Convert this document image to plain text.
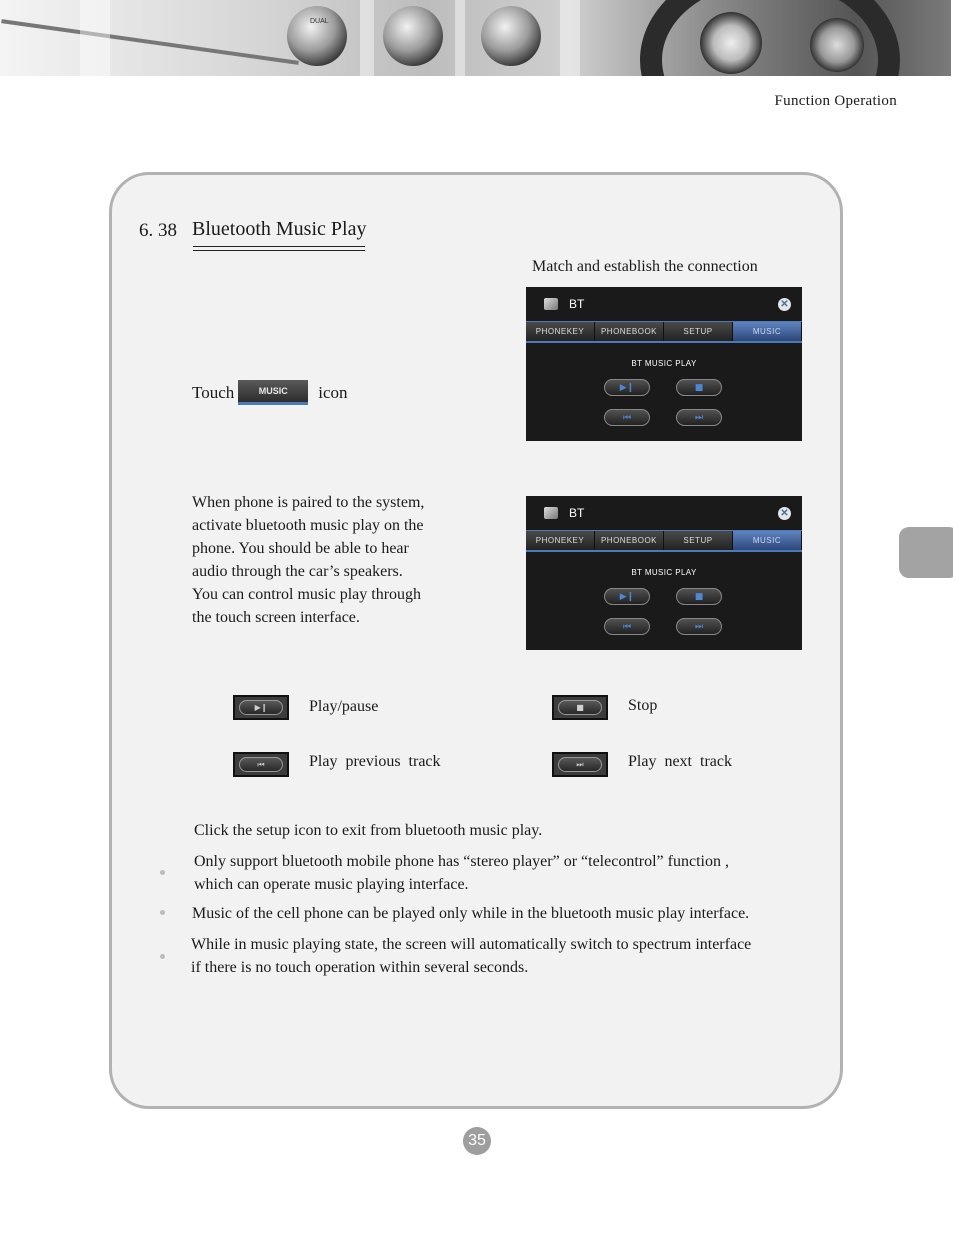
DUAL
Function Operation
6. 38 Bluetooth Music Play
Match and establish the connection
Touch	MUSIC	icon
When phone is paired to the system,
activate bluetooth music play on the
phone. You should be able to hear
audio through the car’s speakers.
You can control music play through
the touch screen interface.
BT	✕
PHONEKEY	PHONEBOOK	SETUP	MUSIC
BT MUSIC PLAY
▶❙	■
⏮	⏭
BT	✕
PHONEKEY	PHONEBOOK	SETUP	MUSIC
BT MUSIC PLAY
▶❙	■
⏮	⏭
▶❙	Play/pause	■	Stop
⏮	Play previous track	⏭	Play next track
Click the setup icon to exit from bluetooth music play.
Only support bluetooth mobile phone has “stereo player” or “telecontrol” function ,
which can operate music playing interface.
Music of the cell phone can be played only while in the bluetooth music play interface.
While in music playing state, the screen will automatically switch to spectrum interface
if there is no touch operation within several seconds.
35
